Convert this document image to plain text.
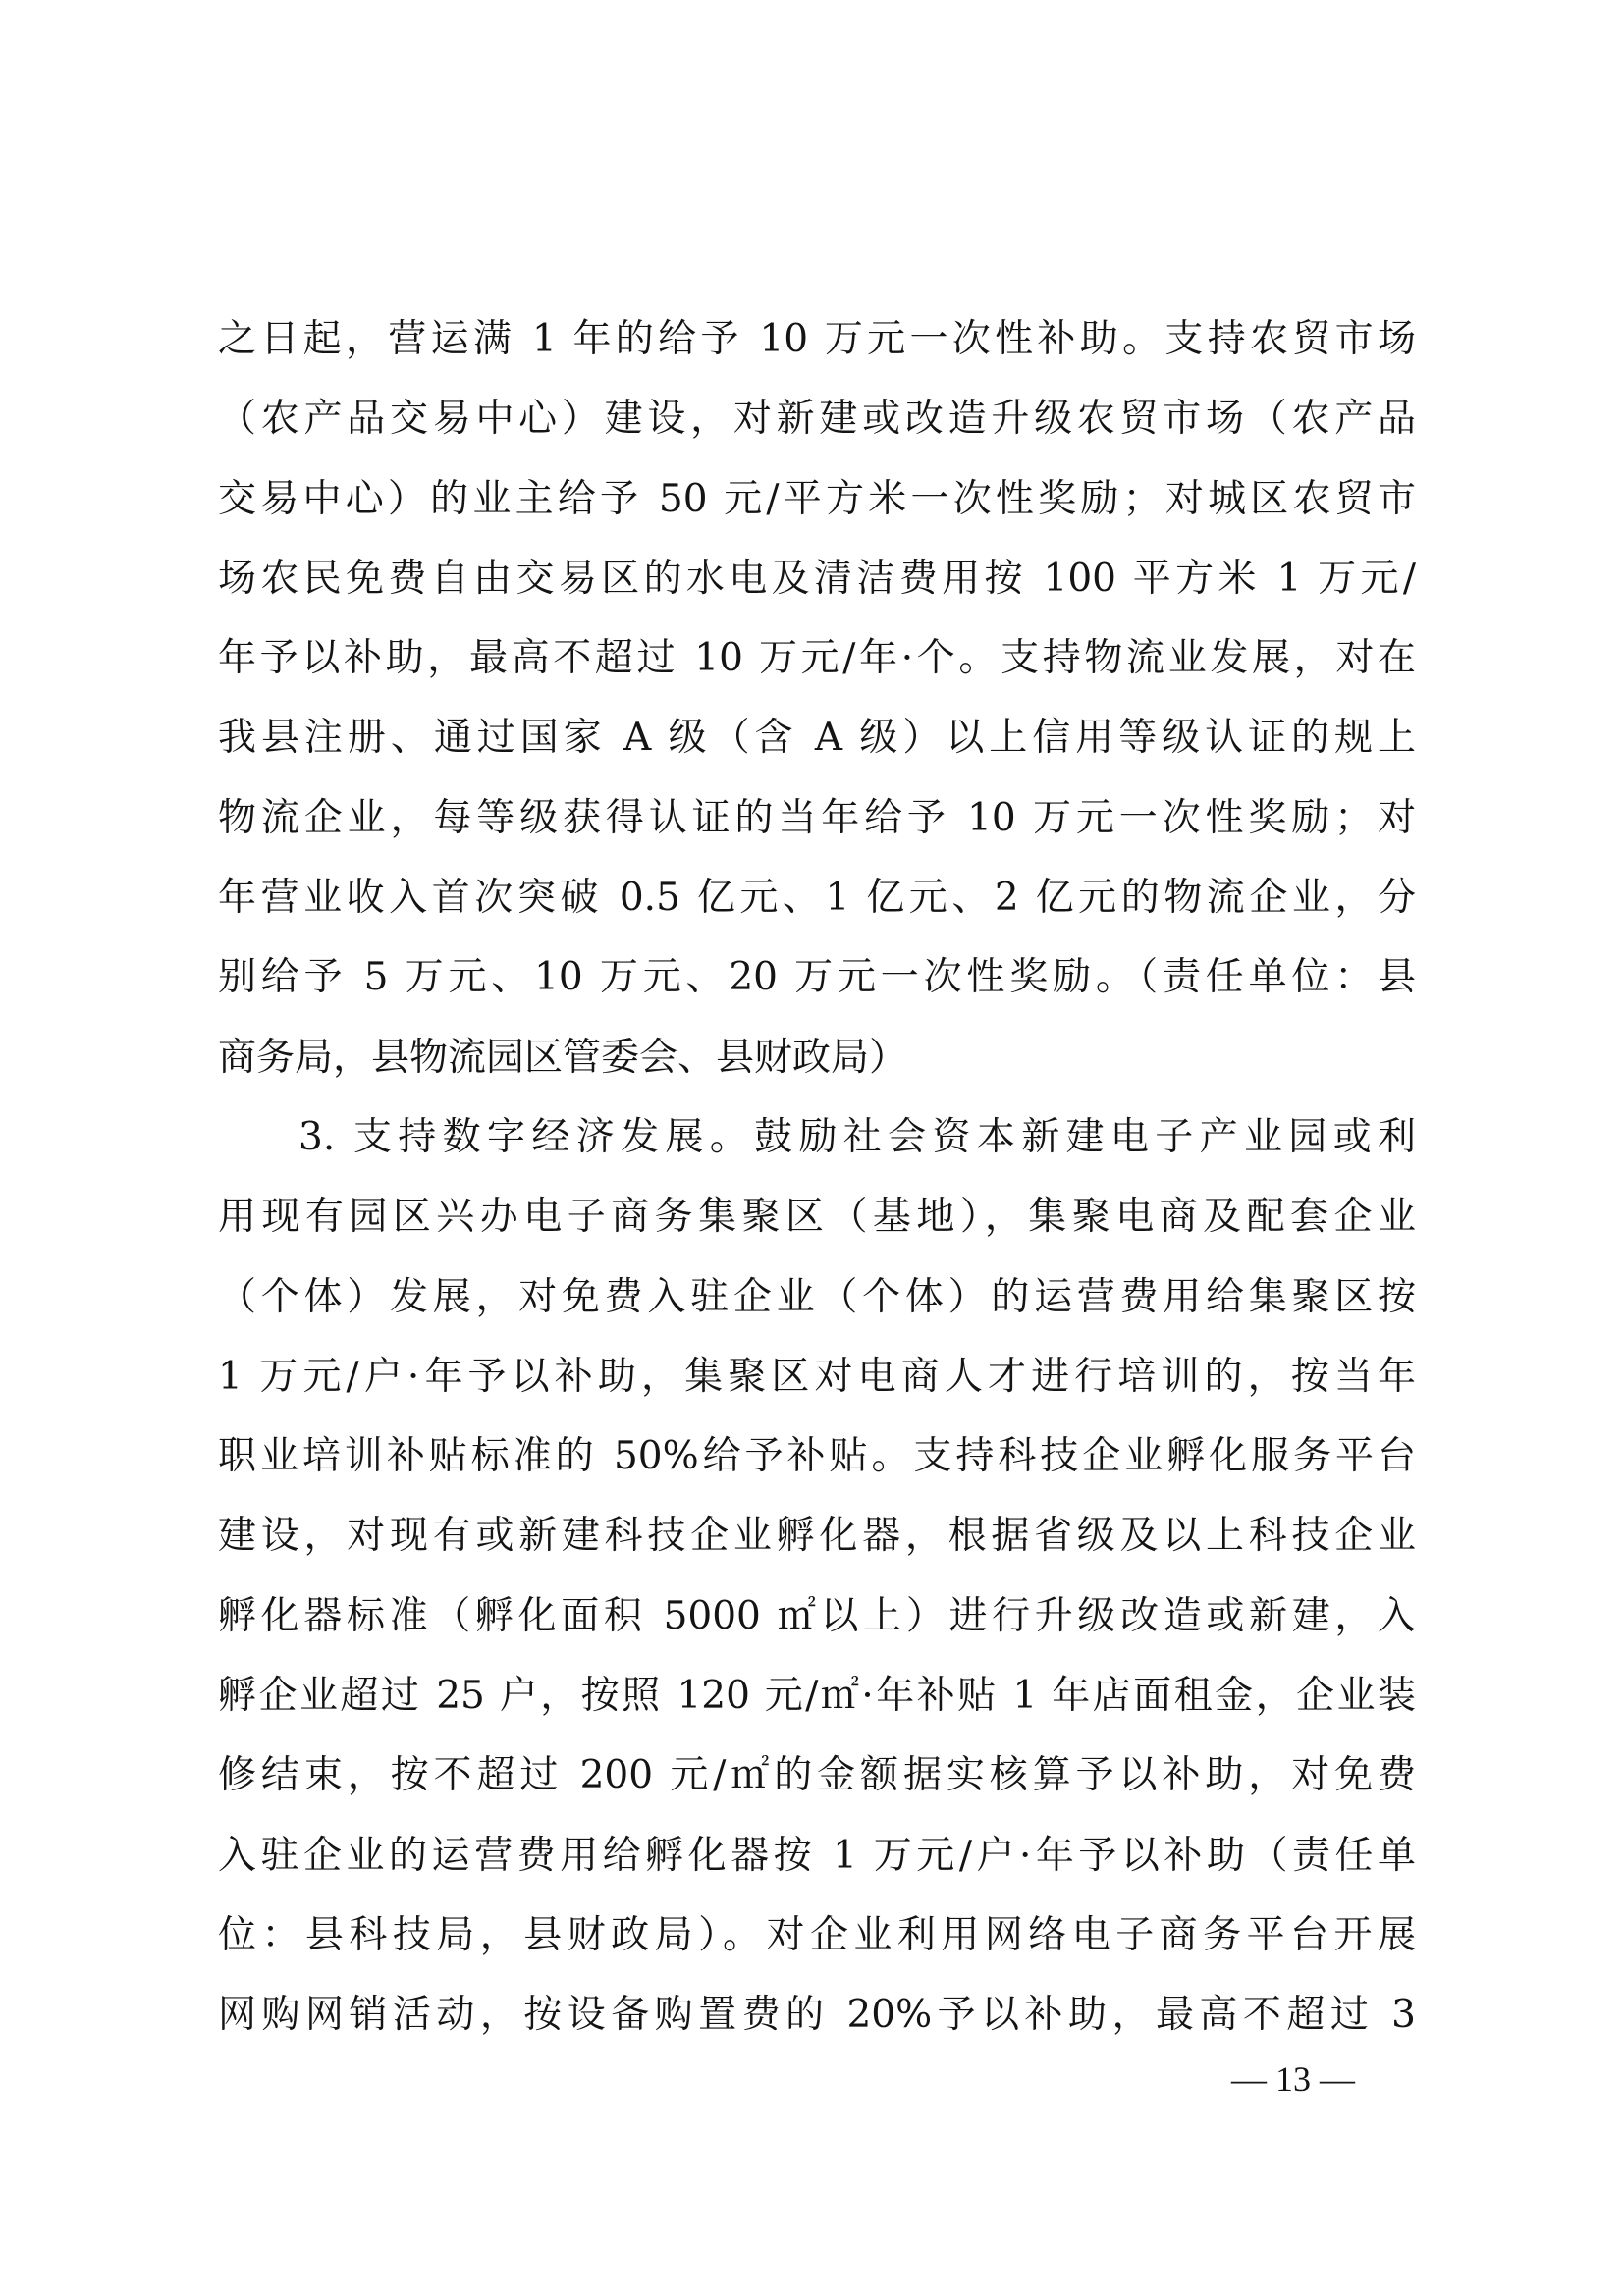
之日起，营运满 1 年的给予 10 万元一次性补助。支持农贸市场
（农产品交易中心）建设，对新建或改造升级农贸市场（农产品
交易中心）的业主给予 50 元/平方米一次性奖励；对城区农贸市
场农民免费自由交易区的水电及清洁费用按 100 平方米 1 万元/
年予以补助，最高不超过 10 万元/年·个。支持物流业发展，对在
我县注册、通过国家 A 级（含 A 级）以上信用等级认证的规上
物流企业，每等级获得认证的当年给予 10 万元一次性奖励；对
年营业收入首次突破 0.5 亿元、1 亿元、2 亿元的物流企业，分
别给予 5 万元、10 万元、20 万元一次性奖励。（责任单位：县
商务局，县物流园区管委会、县财政局）
3. 支持数字经济发展。鼓励社会资本新建电子产业园或利
用现有园区兴办电子商务集聚区（基地），集聚电商及配套企业
（个体）发展，对免费入驻企业（个体）的运营费用给集聚区按
1 万元/户·年予以补助，集聚区对电商人才进行培训的，按当年
职业培训补贴标准的 50%给予补贴。支持科技企业孵化服务平台
建设，对现有或新建科技企业孵化器，根据省级及以上科技企业
孵化器标准（孵化面积 5000 ㎡以上）进行升级改造或新建，入
孵企业超过 25 户，按照 120 元/㎡·年补贴 1 年店面租金，企业装
修结束，按不超过 200 元/㎡的金额据实核算予以补助，对免费
入驻企业的运营费用给孵化器按 1 万元/户·年予以补助（责任单
位：县科技局，县财政局）。对企业利用网络电子商务平台开展
网购网销活动，按设备购置费的 20%予以补助，最高不超过 3
— 13 —
